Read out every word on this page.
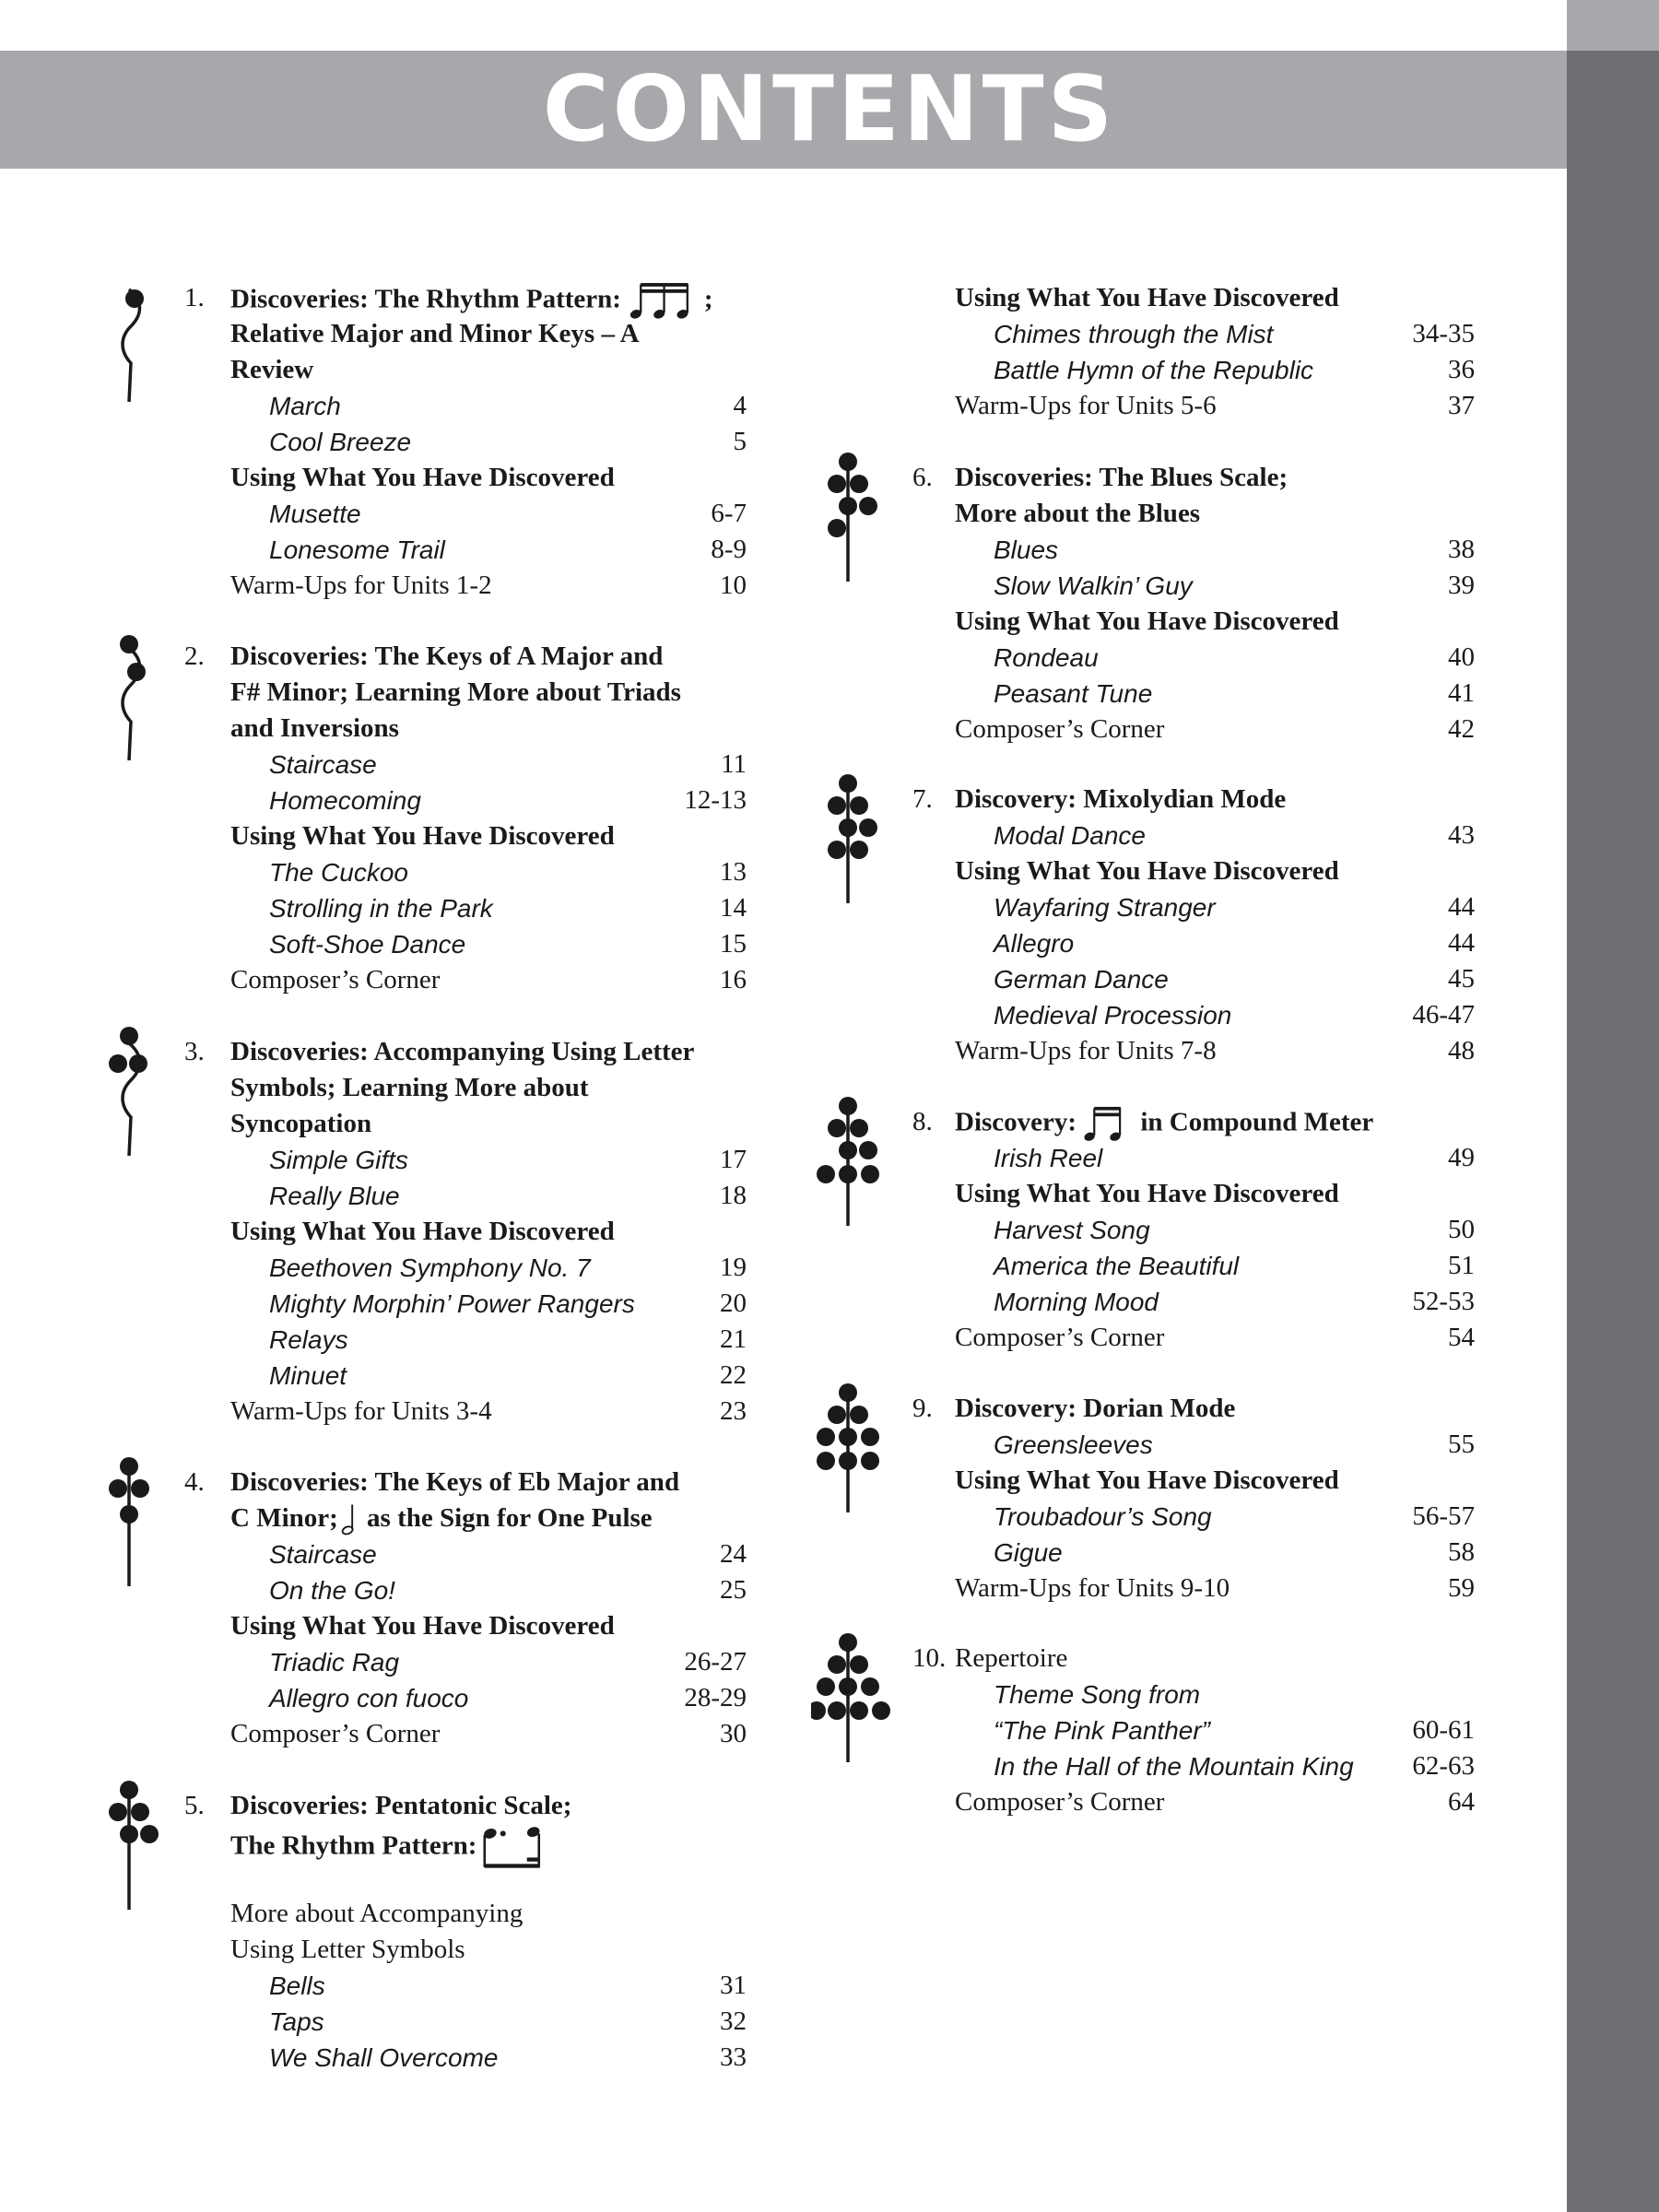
CONTENTS
1. Discoveries: The Rhythm Pattern:	;
Relative Major and Minor Keys – A
Review
March	4
Cool Breeze	5
Using What You Have Discovered
Musette	6-7
Lonesome Trail	8-9
Warm-Ups for Units 1-2	10
2. Discoveries: The Keys of A Major and
F# Minor; Learning More about Triads
and Inversions
Staircase	11
Homecoming	12-13
Using What You Have Discovered
The Cuckoo	13
Strolling in the Park	14
Soft-Shoe Dance	15
Composer’s Corner	16
3. Discoveries: Accompanying Using Letter
Symbols; Learning More about
Syncopation
Simple Gifts	17
Really Blue	18
Using What You Have Discovered
Beethoven Symphony No. 7	19
Mighty Morphin’ Power Rangers	20
Relays	21
Minuet	22
Warm-Ups for Units 3-4	23
4. Discoveries: The Keys of Eb Major and
C Minor; as the Sign for One Pulse
Staircase	24
On the Go!	25
Using What You Have Discovered
Triadic Rag	26-27
Allegro con fuoco	28-29
Composer’s Corner	30
5. Discoveries: Pentatonic Scale;
The Rhythm Pattern:
More about Accompanying
Using Letter Symbols
Bells	31
Taps	32
We Shall Overcome	33
Using What You Have Discovered
Chimes through the Mist	34-35
Battle Hymn of the Republic	36
Warm-Ups for Units 5-6	37
6. Discoveries: The Blues Scale;
More about the Blues
Blues	38
Slow Walkin’ Guy	39
Using What You Have Discovered
Rondeau	40
Peasant Tune	41
Composer’s Corner	42
7. Discovery: Mixolydian Mode
Modal Dance	43
Using What You Have Discovered
Wayfaring Stranger	44
Allegro	44
German Dance	45
Medieval Procession	46-47
Warm-Ups for Units 7-8	48
8. Discovery: in Compound Meter
Irish Reel	49
Using What You Have Discovered
Harvest Song	50
America the Beautiful	51
Morning Mood	52-53
Composer’s Corner	54
9. Discovery: Dorian Mode
Greensleeves	55
Using What You Have Discovered
Troubadour’s Song	56-57
Gigue	58
Warm-Ups for Units 9-10	59
10. Repertoire
Theme Song from
“The Pink Panther”	60-61
In the Hall of the Mountain King 62-63
Composer’s Corner	64
